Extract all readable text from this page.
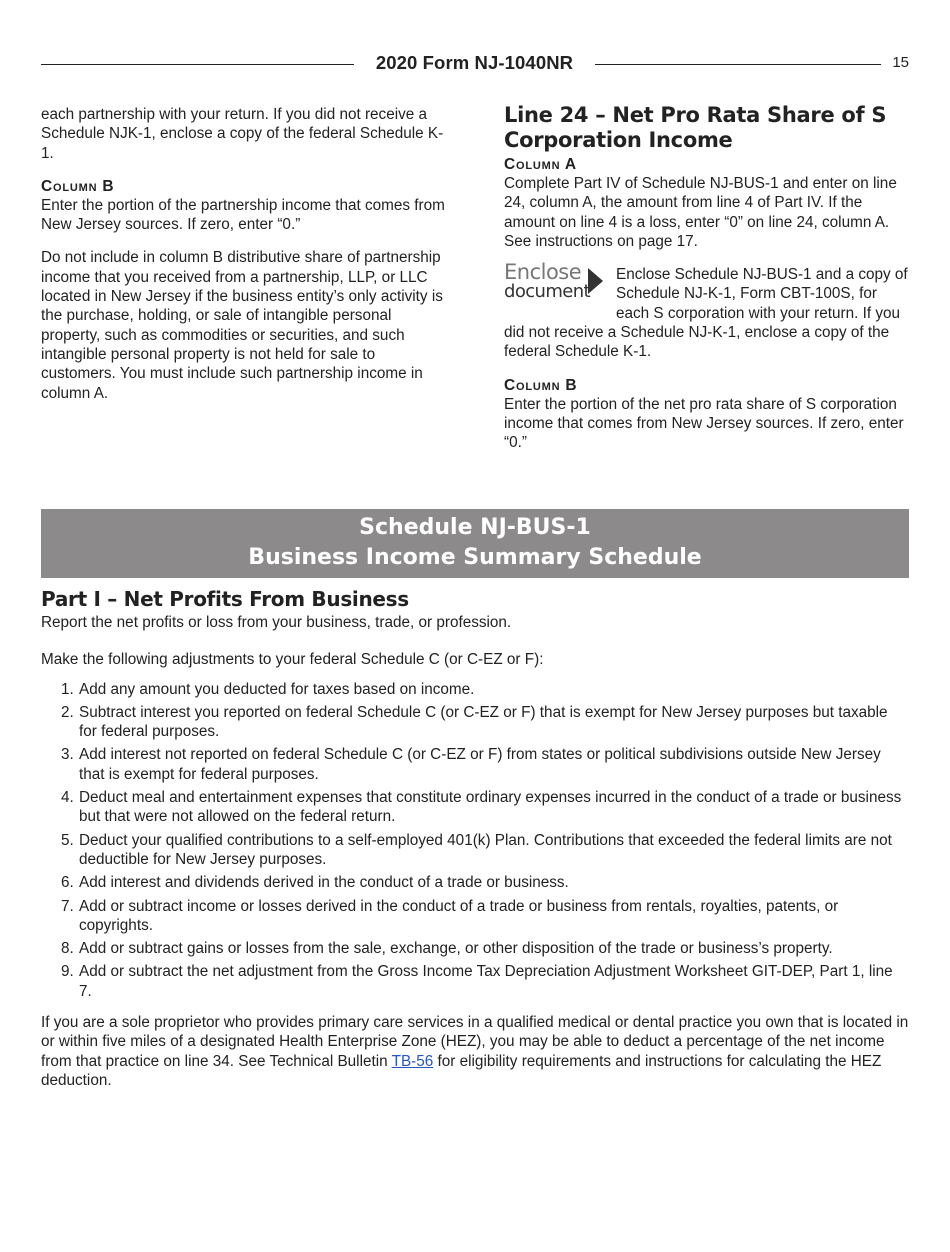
2020 Form NJ-1040NR	15

each partnership with your return. If you did not receive a Schedule NJK-1, enclose a copy of the federal Schedule K-1.

Column B

Enter the portion of the partnership income that comes from New Jersey sources. If zero, enter “0.”

Do not include in column B distributive share of partnership income that you received from a partnership, LLP, or LLC located in New Jersey if the business entity’s only activity is the purchase, holding, or sale of intangible personal property, such as commodities or securities, and such intangible personal property is not held for sale to customers. You must include such partnership income in column A.

Line 24 – Net Pro Rata Share of S Corporation Income
Column A

Complete Part IV of Schedule NJ-BUS-1 and enter on line 24, column A, the amount from line 4 of Part IV. If the amount on line 4 is a loss, enter “0” on line 24, column A. See instructions on page 17.

Enclose
document
Enclose Schedule NJ-BUS-1 and a copy of Schedule NJ-K-1, Form CBT-100S, for each S corporation with your return. If you did not receive a Schedule NJ-K-1, enclose a copy of the federal Schedule K-1.
Column B

Enter the portion of the net pro rata share of S corporation income that comes from New Jersey sources. If zero, enter “0.”

Schedule NJ-BUS-1
Business Income Summary Schedule
Part I – Net Profits From Business

Report the net profits or loss from your business, trade, or profession.

Make the following adjustments to your federal Schedule C (or C-EZ or F):

1. Add any amount you deducted for taxes based on income.
2. Subtract interest you reported on federal Schedule C (or C-EZ or F) that is exempt for New Jersey purposes but taxable for federal purposes.
3. Add interest not reported on federal Schedule C (or C-EZ or F) from states or political subdivisions outside New Jersey that is exempt for federal purposes.
4. Deduct meal and entertainment expenses that constitute ordinary expenses incurred in the conduct of a trade or business but that were not allowed on the federal return.
5. Deduct your qualified contributions to a self-employed 401(k) Plan. Contributions that exceeded the federal limits are not deductible for New Jersey purposes.
6. Add interest and dividends derived in the conduct of a trade or business.
7. Add or subtract income or losses derived in the conduct of a trade or business from rentals, royalties, patents, or copyrights.
8. Add or subtract gains or losses from the sale, exchange, or other disposition of the trade or business’s property.
9. Add or subtract the net adjustment from the Gross Income Tax Depreciation Adjustment Worksheet GIT-DEP, Part 1, line 7.

If you are a sole proprietor who provides primary care services in a qualified medical or dental practice you own that is located in or within five miles of a designated Health Enterprise Zone (HEZ), you may be able to deduct a percentage of the net income from that practice on line 34. See Technical Bulletin TB-56 for eligibility requirements and instructions for calculating the HEZ deduction.
